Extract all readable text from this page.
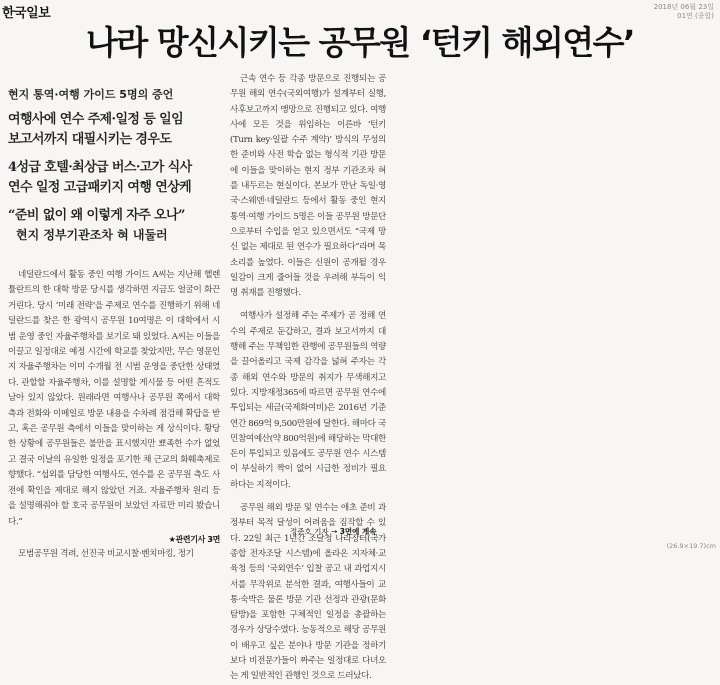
한국일보	2018년 06월 23일
01면 (종합)
나라 망신시키는 공무원 ‘턴키 해외연수’
현지 통역·여행 가이드 5명의 증언
여행사에 연수 주제·일정 등 일임
보고서까지 대필시키는 경우도
4성급 호텔·최상급 버스·고가 식사
연수 일정 고급패키지 여행 연상케
“준비 없이 왜 이렇게 자주 오나”
현지 정부기관조차 혀 내둘러

네덜란드에서 활동 중인 여행 가이드 A씨는 지난해 헬렌튤란트의 한 대학 방문 당시를 생각하면 지금도 얼굴이 화끈거린다. 당시 ‘미래 전략’을 주제로 연수를 진행하기 위해 네덜란드를 찾은 한 광역시 공무원 10여명은 이 대학에서 시범 운영 중인 자율주행차를 보기로 돼 있었다. A씨는 이들을 이끌고 일정대로 예정 시간에 학교를 찾았지만, 무슨 영문인지 자율주행차는 이미 수개월 전 시범 운영을 중단한 상태였다. 관할할 자율주행차, 이를 설명할 게시물 등 어떤 흔적도 남아 있지 않았다. 원래라면 여행사나 공무원 쪽에서 대학 측과 전화와 이메일로 방문 내용을 수차례 점검해 확답을 받고, 혹은 공무원 측에서 이들을 맞이하는 게 상식이다. 황당한 상황에 공무원들은 불만을 표시했지만 뾰족한 수가 없었고 결국 이날의 유일한 일정을 포기한 채 근교의 화훼축제로 향했다. “섭외를 담당한 여행사도, 연수를 온 공무원 측도 사전에 확인을 제대로 해지 않았던 거죠. 자율주행차 원리 등을 설명해줘야 할 호국 공무원이 보았던 자료만 미리 봤습니다.”

★관련기사 3면

모범공무원 격려, 선진국 비교시찰·벤치마킹, 정기

근속 연수 등 각종 방문으로 진행되는 공무원 해외 연수(국외여행)가 설계부터 실행, 사후보고까지 맹망으로 진행되고 있다. 여행사에 모든 것을 위임하는 이른바 ‘턴키(Turn key·일괄 수주 계약)’ 방식의 무성의한 준비와 사전 학습 없는 형식적 기관 방문에 이들을 맞이하는 현지 정부 기관조차 혀를 내두르는 현실이다. 본보가 만난 독일·영국·스웨덴·네덜란드 등에서 활동 중인 현지 통역·여행 가이드 5명은 이들 공무원 방문단으로부터 수입을 얻고 있으면서도 “국제 망신 없는 제대로 된 연수가 필요하다”라며 목소리를 높였다. 이들은 신원이 공개될 경우 일감이 크게 줄어들 것을 우려해 부득이 익명 취재를 진행했다.

여행사가 설정해 주는 주제가 곧 정해 연수의 주제로 둔갑하고, 결과 보고서까지 대행해 주는 무책임한 관행에 공무원들의 역량을 끌어올리고 국제 감각을 넓혀 주자는 각종 해외 연수와 방문의 취지가 무색해지고 있다. 지방재정365에 따르면 공무원 연수에 투입되는 세금(국제화여비)은 2016년 기준 연간 869억 9,500만원에 달한다. 해마다 국민참여예산(약 800억원)에 해당하는 막대한 돈이 투입되고 있음에도 공무원 연수 시스템이 부실하기 짝이 없어 시급한 정비가 필요하다는 지적이다.

공무원 해외 방문 및 연수는 애초 준비 과정부터 목적 달성이 어려움을 짐작할 수 있다. 22일 최근 1년간 조달청 나라장터(국가종합 전자조달 시스템)에 올라온 지자체·교육청 등의 ‘국외연수’ 입찰 공고 내 과업지시서를 무작위로 분석한 결과, 여행사들이 교통·숙박은 물론 방문 기관 선정과 관광(문화탐방)을 포함한 구체적인 일정을 총괄하는 경우가 상당수였다. 능동적으로 해당 공무원이 배우고 싶은 분야나 방문 기관을 정하기보다 비전문가들이 짜주는 일정대로 다녀오는 게 일반적인 관행인 것으로 드러났다.

정준호 기자 → 3면에 계속
(26.9×19.7)cm
